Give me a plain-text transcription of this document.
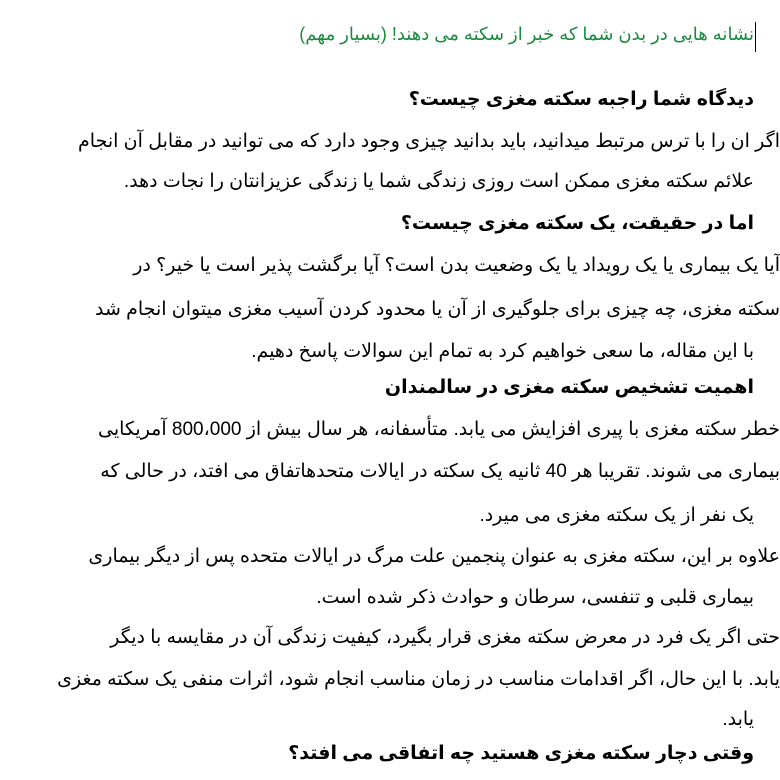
نشانه هایی در بدن شما که خبر از سکته می دهند! (بسیار مهم)
دیدگاه شما راجبه سکته مغزی چیست؟
اگر ان را با ترس مرتبط میدانید، باید بدانید چیزی وجود دارد که می توانید در مقابل آن انجام
علائم سکته مغزی ممکن است روزی زندگی شما یا زندگی عزیزانتان را نجات دهد.
اما در حقیقت، یک سکته مغزی چیست؟
آیا یک بیماری یا یک رویداد یا یک وضعیت بدن است؟ آیا برگشت پذیر است یا خیر؟ در
سکته مغزی، چه چیزی برای جلوگیری از آن یا محدود کردن آسیب مغزی میتوان انجام شد
با این مقاله، ما سعی خواهیم کرد به تمام این سوالات پاسخ دهیم.
اهمیت تشخیص سکته مغزی در سالمندان
خطر سکته مغزی با پیری افزایش می یابد. متأسفانه، هر سال بیش از 800،000 آمریکایی
بیماری می شوند. تقریبا هر 40 ثانیه یک سکته در ایالات متحدهاتفاق می افتد، در حالی که
یک نفر از یک سکته مغزی می میرد.
علاوه بر این، سکته مغزی به عنوان پنجمین علت مرگ در ایالات متحده پس از دیگر بیماری
بیماری قلبی و تنفسی، سرطان و حوادث ذکر شده است.
حتی اگر یک فرد در معرض سکته مغزی قرار بگیرد، کیفیت زندگی آن در مقایسه با دیگر
یابد. با این حال، اگر اقدامات مناسب در زمان مناسب انجام شود، اثرات منفی یک سکته مغزی
یابد.
وقتی دچار سکته مغزی هستید چه اتفاقی می افتد؟
